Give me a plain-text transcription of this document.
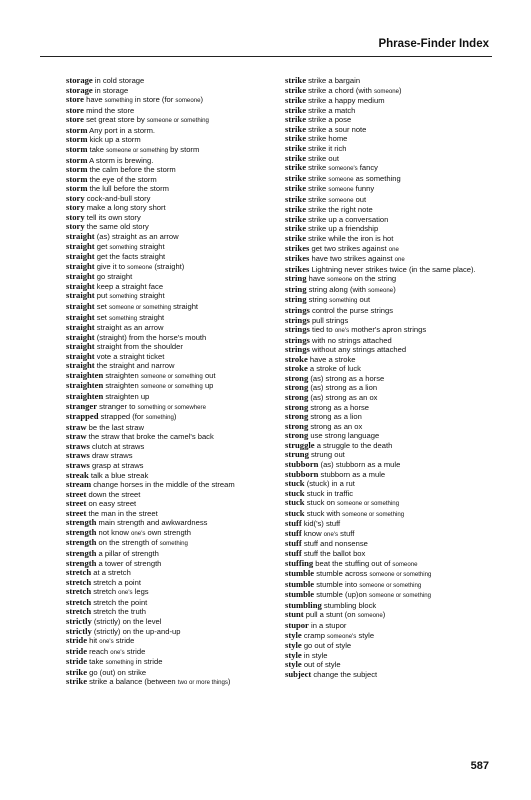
Phrase-Finder Index
storage in cold storage
storage in storage
store have something in store (for someone)
store mind the store
store set great store by someone or something
storm Any port in a storm.
storm kick up a storm
storm take someone or something by storm
storm A storm is brewing.
storm the calm before the storm
storm the eye of the storm
storm the lull before the storm
story cock-and-bull story
story make a long story short
story tell its own story
story the same old story
straight (as) straight as an arrow
straight get something straight
straight get the facts straight
straight give it to someone (straight)
straight go straight
straight keep a straight face
straight put something straight
straight set someone or something straight
straight set something straight
straight straight as an arrow
straight (straight) from the horse's mouth
straight straight from the shoulder
straight vote a straight ticket
straight the straight and narrow
straighten straighten someone or something out
straighten straighten someone or something up
straighten straighten up
stranger stranger to something or somewhere
strapped strapped (for something)
straw be the last straw
straw the straw that broke the camel's back
straws clutch at straws
straws draw straws
straws grasp at straws
streak talk a blue streak
stream change horses in the middle of the stream
street down the street
street on easy street
street the man in the street
strength main strength and awkwardness
strength not know one's own strength
strength on the strength of something
strength a pillar of strength
strength a tower of strength
stretch at a stretch
stretch stretch a point
stretch stretch one's legs
stretch stretch the point
stretch stretch the truth
strictly (strictly) on the level
strictly (strictly) on the up-and-up
stride hit one's stride
stride reach one's stride
stride take something in stride
strike go (out) on strike
strike strike a balance (between two or more things)
strike strike a bargain
strike strike a chord (with someone)
strike strike a happy medium
strike strike a match
strike strike a pose
strike strike a sour note
strike strike home
strike strike it rich
strike strike out
strike strike someone's fancy
strike strike someone as something
strike strike someone funny
strike strike someone out
strike strike the right note
strike strike up a conversation
strike strike up a friendship
strike strike while the iron is hot
strikes get two strikes against one
strikes have two strikes against one
strikes Lightning never strikes twice (in the same place).
string have someone on the string
string string along (with someone)
string string something out
strings control the purse strings
strings pull strings
strings tied to one's mother's apron strings
strings with no strings attached
strings without any strings attached
stroke have a stroke
stroke a stroke of luck
strong (as) strong as a horse
strong (as) strong as a lion
strong (as) strong as an ox
strong strong as a horse
strong strong as a lion
strong strong as an ox
strong use strong language
struggle a struggle to the death
strung strung out
stubborn (as) stubborn as a mule
stubborn stubborn as a mule
stuck (stuck) in a rut
stuck stuck in traffic
stuck stuck on someone or something
stuck stuck with someone or something
stuff kid('s) stuff
stuff know one's stuff
stuff stuff and nonsense
stuff stuff the ballot box
stuffing beat the stuffing out of someone
stumble stumble across someone or something
stumble stumble into someone or something
stumble stumble (up)on someone or something
stumbling stumbling block
stunt pull a stunt (on someone)
stupor in a stupor
style cramp someone's style
style go out of style
style in style
style out of style
subject change the subject
587
